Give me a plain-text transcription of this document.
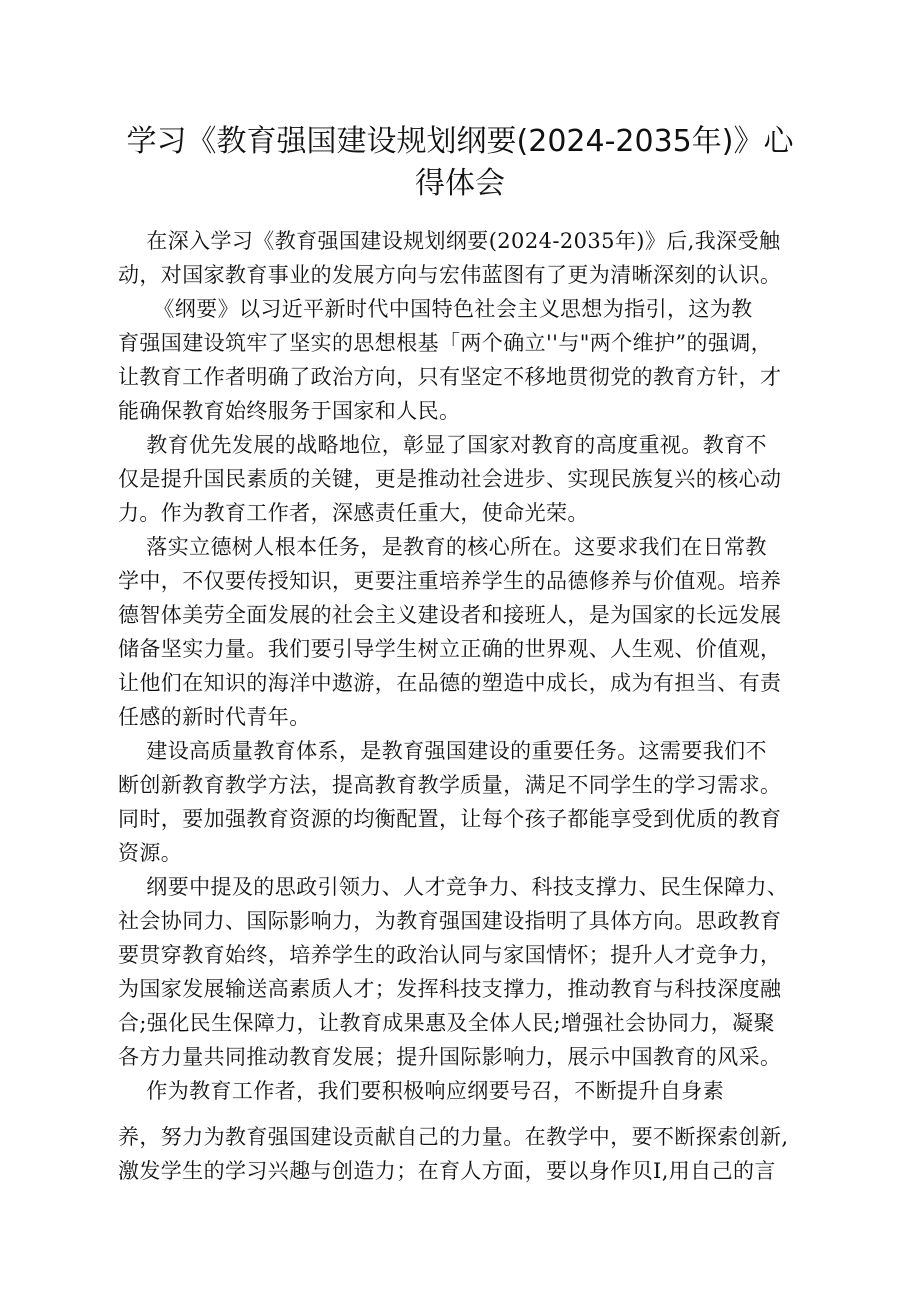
学习《教育强国建设规划纲要(2024-2035年)》心
得体会

在深入学习《教育强国建设规划纲要(2024-2035年)》后,我深受触

动，对国家教育事业的发展方向与宏伟蓝图有了更为清晰深刻的认识。

《纲要》以习近平新时代中国特色社会主义思想为指引，这为教

育强国建设筑牢了坚实的思想根基「两个确立''与"两个维护”的强调，

让教育工作者明确了政治方向，只有坚定不移地贯彻党的教育方针，才

能确保教育始终服务于国家和人民。

教育优先发展的战略地位，彰显了国家对教育的高度重视。教育不

仅是提升国民素质的关键，更是推动社会进步、实现民族复兴的核心动

力。作为教育工作者，深感责任重大，使命光荣。

落实立德树人根本任务，是教育的核心所在。这要求我们在日常教

学中，不仅要传授知识，更要注重培养学生的品德修养与价值观。培养

德智体美劳全面发展的社会主义建设者和接班人，是为国家的长远发展

储备坚实力量。我们要引导学生树立正确的世界观、人生观、价值观，

让他们在知识的海洋中遨游，在品德的塑造中成长，成为有担当、有责

任感的新时代青年。

建设高质量教育体系，是教育强国建设的重要任务。这需要我们不

断创新教育教学方法，提高教育教学质量，满足不同学生的学习需求。

同时，要加强教育资源的均衡配置，让每个孩子都能享受到优质的教育

资源。

纲要中提及的思政引领力、人才竞争力、科技支撑力、民生保障力、

社会协同力、国际影响力，为教育强国建设指明了具体方向。思政教育

要贯穿教育始终，培养学生的政治认同与家国情怀；提升人才竞争力，

为国家发展输送高素质人才；发挥科技支撑力，推动教育与科技深度融

合;强化民生保障力，让教育成果惠及全体人民;增强社会协同力，凝聚

各方力量共同推动教育发展；提升国际影响力，展示中国教育的风采。

作为教育工作者，我们要积极响应纲要号召，不断提升自身素

养，努力为教育强国建设贡献自己的力量。在教学中，要不断探索创新,

激发学生的学习兴趣与创造力；在育人方面，要以身作贝I,用自己的言
